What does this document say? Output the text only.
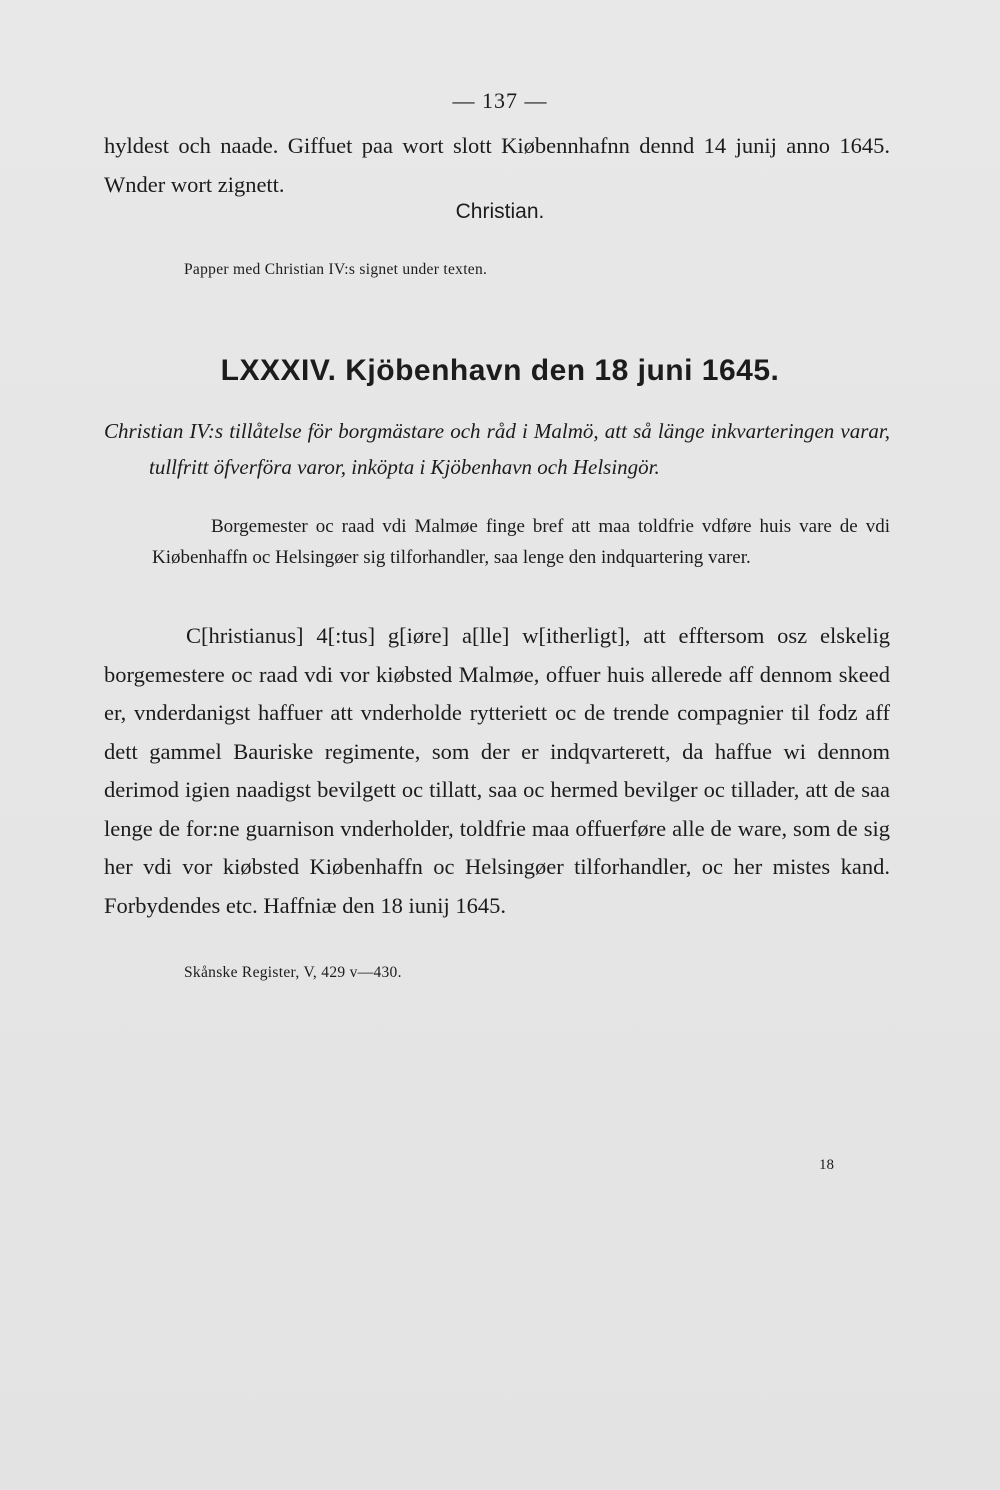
— 137 —
hyldest och naade. Giffuet paa wort slott Kiøbennhafnn dennd 14 junij anno 1645. Wnder wort zignett.
Christian.
Papper med Christian IV:s signet under texten.
LXXXIV. Kjöbenhavn den 18 juni 1645.
Christian IV:s tillåtelse för borgmästare och råd i Malmö, att så länge inkvarteringen varar, tullfritt öfverföra varor, inköpta i Kjöbenhavn och Helsingör.
Borgemester oc raad vdi Malmøe finge bref att maa toldfrie vdføre huis vare de vdi Kiøbenhaffn oc Helsingøer sig tilforhandler, saa lenge den indquartering varer.
C[hristianus] 4[:tus] g[iøre] a[lle] w[itherligt], att efftersom osz elskelig borgemestere oc raad vdi vor kiøbsted Malmøe, offuer huis allerede aff dennom skeed er, vnderdanigst haffuer att vnderholde rytteriett oc de trende compagnier til fodz aff dett gammel Bauriske regimente, som der er indqvarterett, da haffue wi dennom derimod igien naadigst bevilgett oc tillatt, saa oc hermed bevilger oc tillader, att de saa lenge de for:ne guarnison vnderholder, toldfrie maa offuerføre alle de ware, som de sig her vdi vor kiøbsted Kiøbenhaffn oc Helsingøer tilforhandler, oc her mistes kand. Forbydendes etc. Haffniæ den 18 iunij 1645.
Skånske Register, V, 429 v—430.
18
